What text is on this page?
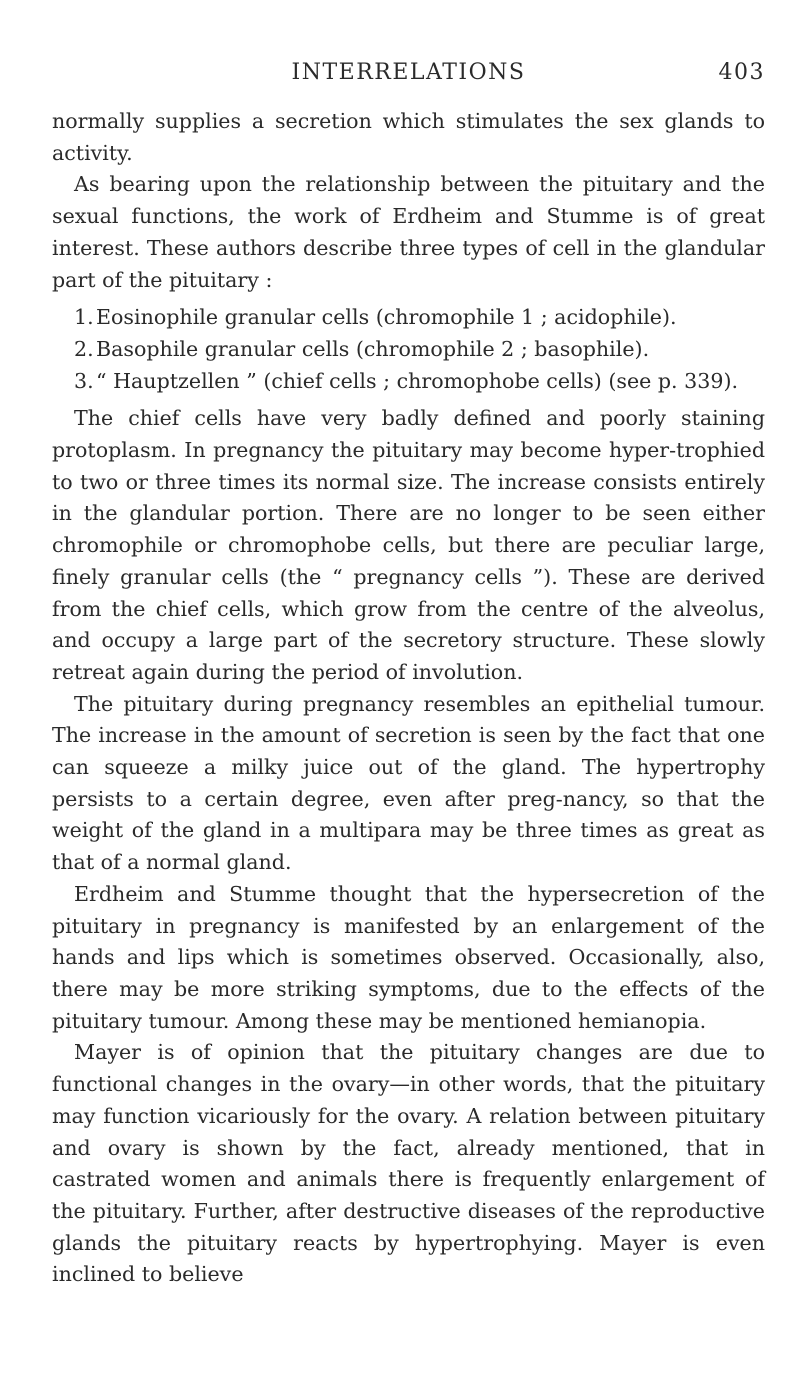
INTERRELATIONS	403

normally supplies a secretion which stimulates the sex glands to activity.

As bearing upon the relationship between the pituitary and the sexual functions, the work of Erdheim and Stumme is of great interest. These authors describe three types of cell in the glandular part of the pituitary :

1. Eosinophile granular cells (chromophile 1 ; acidophile).
2. Basophile granular cells (chromophile 2 ; basophile).
3. “ Hauptzellen ” (chief cells ; chromophobe cells) (see p. 339).

The chief cells have very badly defined and poorly staining protoplasm. In pregnancy the pituitary may become hyper-trophied to two or three times its normal size. The increase consists entirely in the glandular portion. There are no longer to be seen either chromophile or chromophobe cells, but there are peculiar large, finely granular cells (the “ pregnancy cells ”). These are derived from the chief cells, which grow from the centre of the alveolus, and occupy a large part of the secretory structure. These slowly retreat again during the period of involution.

The pituitary during pregnancy resembles an epithelial tumour. The increase in the amount of secretion is seen by the fact that one can squeeze a milky juice out of the gland. The hypertrophy persists to a certain degree, even after preg-nancy, so that the weight of the gland in a multipara may be three times as great as that of a normal gland.

Erdheim and Stumme thought that the hypersecretion of the pituitary in pregnancy is manifested by an enlargement of the hands and lips which is sometimes observed. Occasionally, also, there may be more striking symptoms, due to the effects of the pituitary tumour. Among these may be mentioned hemianopia.

Mayer is of opinion that the pituitary changes are due to functional changes in the ovary—in other words, that the pituitary may function vicariously for the ovary. A relation between pituitary and ovary is shown by the fact, already mentioned, that in castrated women and animals there is frequently enlargement of the pituitary. Further, after destructive diseases of the reproductive glands the pituitary reacts by hypertrophying. Mayer is even inclined to believe
